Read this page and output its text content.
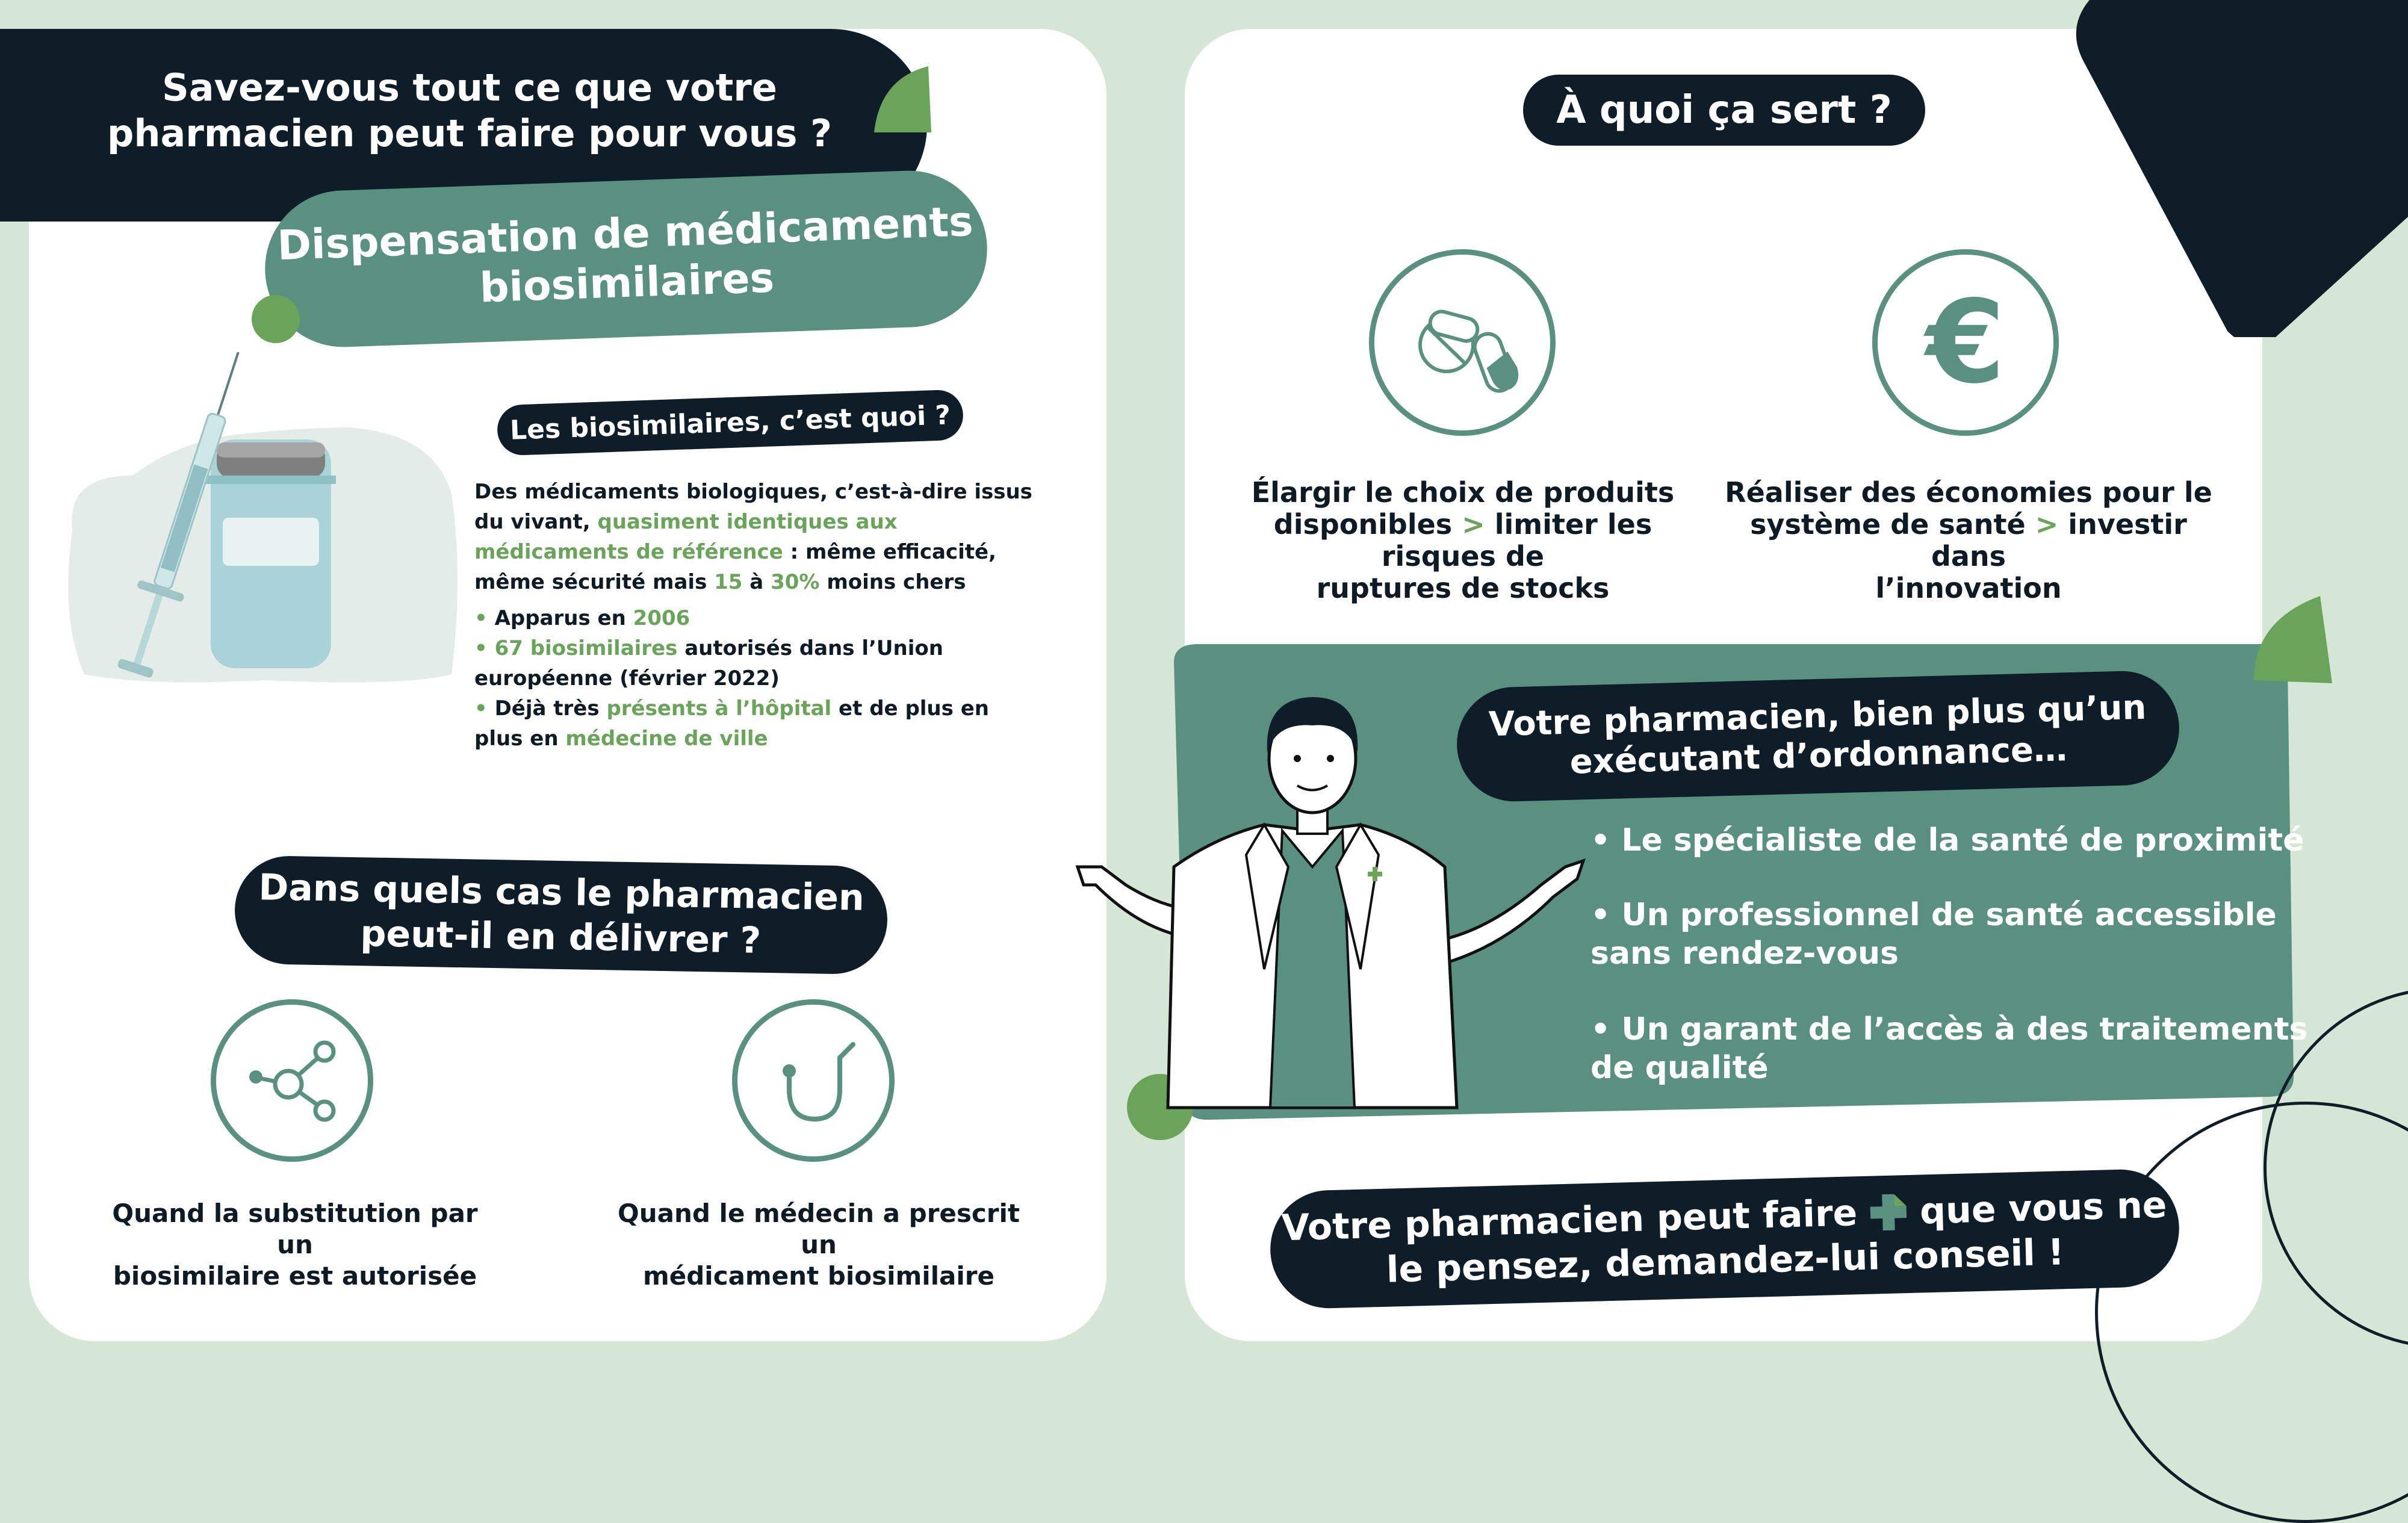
Savez-vous tout ce que votre pharmacien peut faire pour vous ?
Dispensation de médicaments
biosimilaires
Les biosimilaires, c’est quoi ?
Des médicaments biologiques, c’est-à-dire issus du vivant, quasiment identiques aux médicaments de référence : même efficacité, même sécurité mais 15 à 30% moins chers
• Apparus en 2006
• 67 biosimilaires autorisés dans l’Union européenne (février 2022)
• Déjà très présents à l’hôpital et de plus en plus en médecine de ville
Dans quels cas le pharmacien
peut-il en délivrer ?
Quand la substitution par un
biosimilaire est autorisée
Quand le médecin a prescrit un
médicament biosimilaire
À quoi ça sert ?
€
Élargir le choix de produits
disponibles > limiter les risques de
ruptures de stocks
Réaliser des économies pour le
système de santé > investir dans
l’innovation
Votre pharmacien, bien plus qu’un
exécutant d’ordonnance…
• Le spécialiste de la santé de proximité
• Un professionnel de santé accessible
sans rendez-vous
• Un garant de l’accès à des traitements
de qualité
Votre pharmacien peut faire que vous ne
le pensez, demandez-lui conseil !
